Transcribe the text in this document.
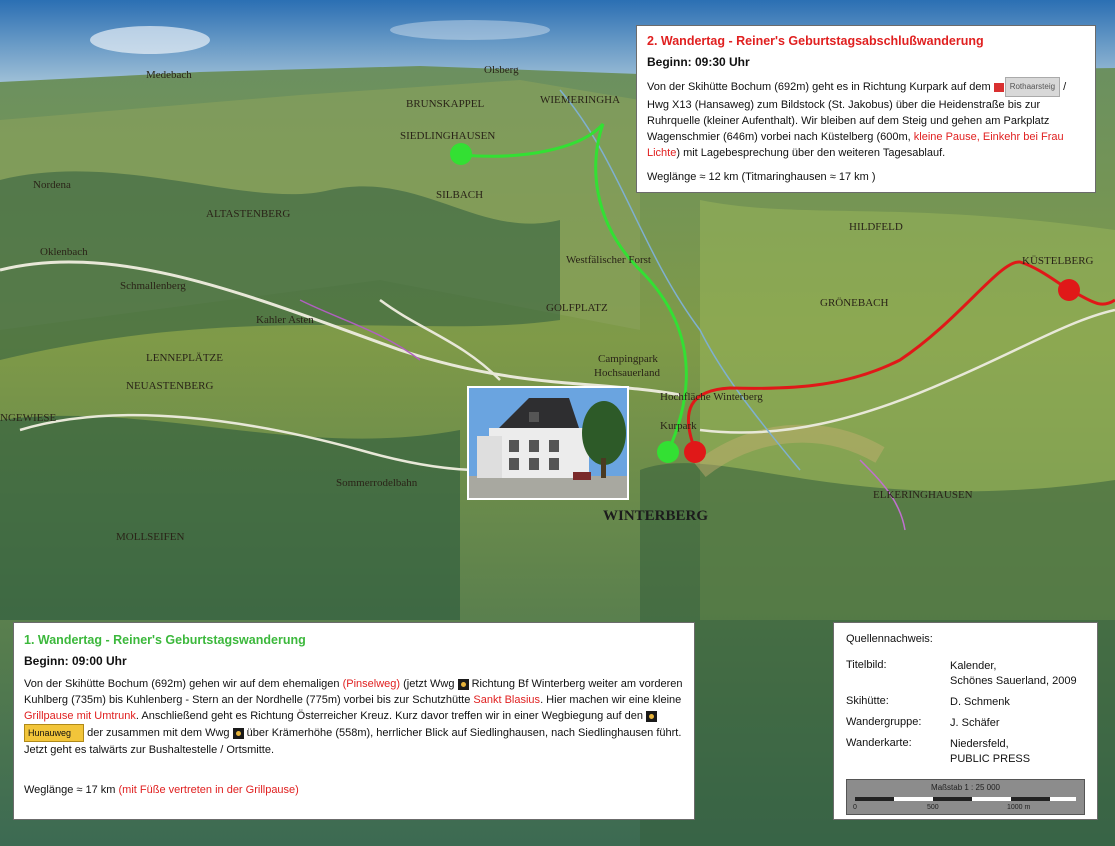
Medebach	Olsberg
BRUNSKAPPEL	WIEMERINGHA
SIEDLINGHAUSEN
Nordena
ALTASTENBERG
Oklenbach
SILBACH
Westfälischer Forst
HILDFELD
KÜSTELBERG
GRÖNEBACH
GOLFPLATZ
Campingpark
Hochsauerland
Hochfläche Winterberg
Kurpark
NEUASTENBERG
LENNEPLÄTZE
Kahler Asten
NGEWIESE
Sommerrodelbahn
WINTERBERG
ELKERINGHAUSEN
MOLLSEIFEN
Schmallenberg
2. Wandertag - Reiner's Geburtstagsabschlußwanderung
Beginn: 09:30 Uhr
Von der Skihütte Bochum (692m) geht es in Richtung Kurpark auf dem Rothaarsteig / Hwg X13 (Hansaweg) zum Bildstock (St. Jakobus) über die Heidenstraße bis zur Ruhrquelle (kleiner Aufenthalt). Wir bleiben auf dem Steig und gehen am Parkplatz Wagenschmier (646m) vorbei nach Küstelberg (600m, kleine Pause, Einkehr bei Frau Lichte) mit Lagebesprechung über den weiteren Tagesablauf.
Weglänge ≈ 12 km (Titmaringhausen ≈ 17 km )
1. Wandertag - Reiner's Geburtstagswanderung
Beginn: 09:00 Uhr
Von der Skihütte Bochum (692m) gehen wir auf dem ehemaligen (Pinselweg) (jetzt Wwg Richtung Bf Winterberg weiter am vorderen Kuhlberg (735m) bis Kuhlenberg - Stern an der Nordhelle (775m) vorbei bis zur Schutzhütte Sankt Blasius. Hier machen wir eine kleine Grillpause mit Umtrunk. Anschließend geht es Richtung Österreicher Kreuz. Kurz davor treffen wir in einer Wegbiegung auf den Hunauweg der zusammen mit dem Wwg über Krämerhöhe (558m), herrlicher Blick auf Siedlinghausen, nach Siedlinghausen führt. Jetzt geht es talwärts zur Bushaltestelle / Ortsmitte.
Weglänge ≈ 17 km (mit Füße vertreten in der Grillpause)
Quellennachweis:
Titelbild:	Kalender,
Schönes Sauerland, 2009
Skihütte:	D. Schmenk
Wandergruppe:	J. Schäfer
Wanderkarte:	Niedersfeld,
PUBLIC PRESS
Maßstab 1 : 25 000
0	500	1000 m
